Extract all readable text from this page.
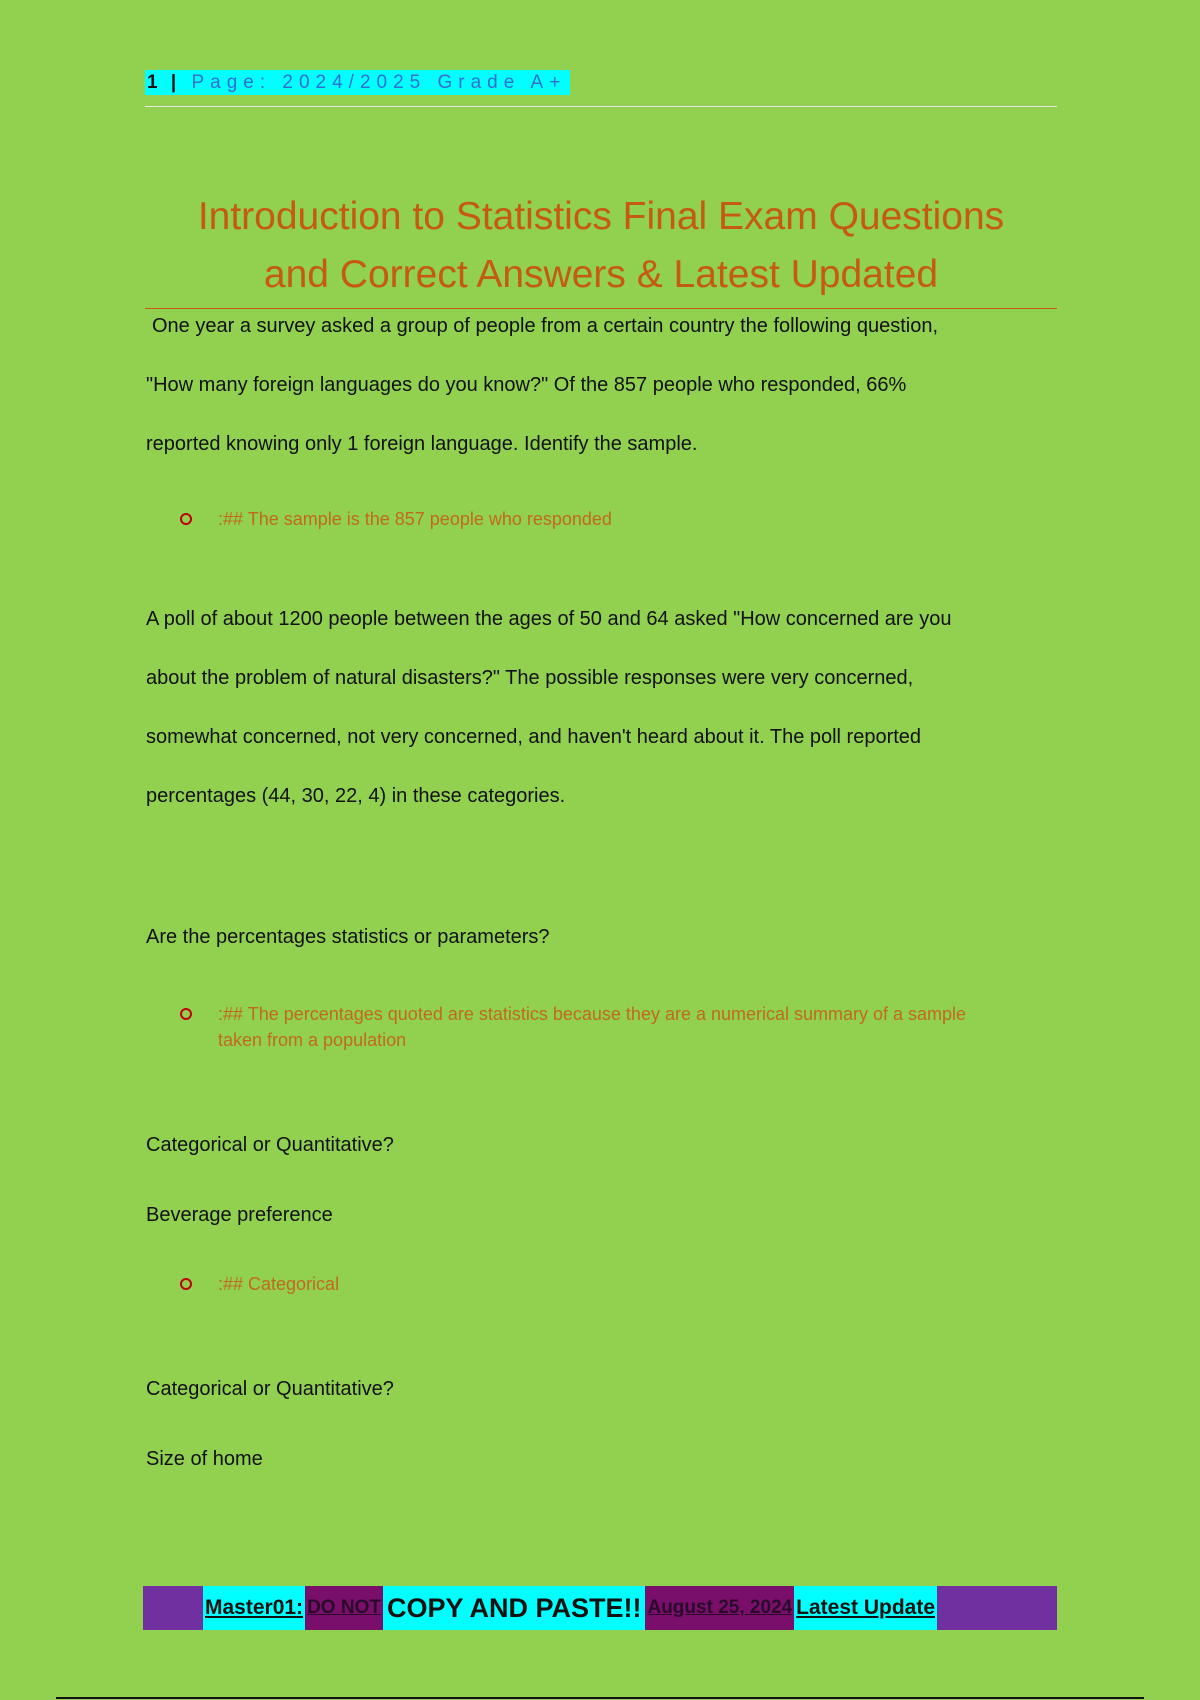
1 | Page: 2024/2025 Grade A+
Introduction to Statistics Final Exam Questions
and Correct Answers & Latest Updated
One year a survey asked a group of people from a certain country the following question,
"How many foreign languages do you know?" Of the 857 people who responded, 66%
reported knowing only 1 foreign language. Identify the sample.
:## The sample is the 857 people who responded
A poll of about 1200 people between the ages of 50 and 64 asked "How concerned are you
about the problem of natural disasters?" The possible responses were very concerned,
somewhat concerned, not very concerned, and haven't heard about it. The poll reported
percentages (44, 30, 22, 4) in these categories.
Are the percentages statistics or parameters?
:## The percentages quoted are statistics because they are a numerical summary of a sample
taken from a population
Categorical or Quantitative?
Beverage preference
:## Categorical
Categorical or Quantitative?
Size of home
Master01: DO NOT COPY AND PASTE!! August 25, 2024 Latest Update
